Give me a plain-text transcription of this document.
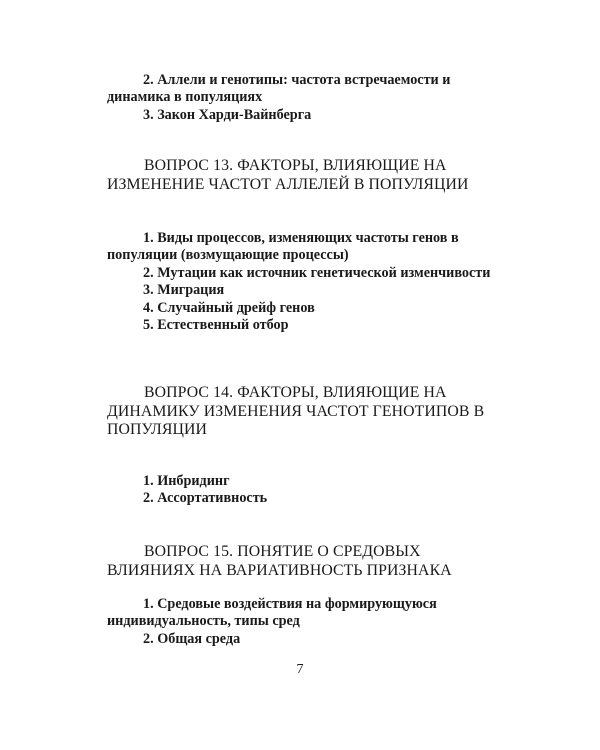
2. Аллели и генотипы: частота встречаемости и динамика в популяциях

3. Закон Харди-Вайнберга

ВОПРОС 13. ФАКТОРЫ, ВЛИЯЮЩИЕ НА ИЗМЕНЕНИЕ ЧАСТОТ АЛЛЕЛЕЙ В ПОПУЛЯЦИИ

1. Виды процессов, изменяющих частоты генов в популяции (возмущающие процессы)

2. Мутации как источник генетической изменчивости

3. Миграция

4. Случайный дрейф генов

5. Естественный отбор

ВОПРОС 14. ФАКТОРЫ, ВЛИЯЮЩИЕ НА ДИНАМИКУ ИЗМЕНЕНИЯ ЧАСТОТ ГЕНОТИПОВ В ПОПУЛЯЦИИ

1. Инбридинг

2. Ассортативность

ВОПРОС 15. ПОНЯТИЕ О СРЕДОВЫХ ВЛИЯНИЯХ НА ВАРИАТИВНОСТЬ ПРИЗНАКА

1. Средовые воздействия на формирующуюся индивидуальность, типы сред

2. Общая среда

7
